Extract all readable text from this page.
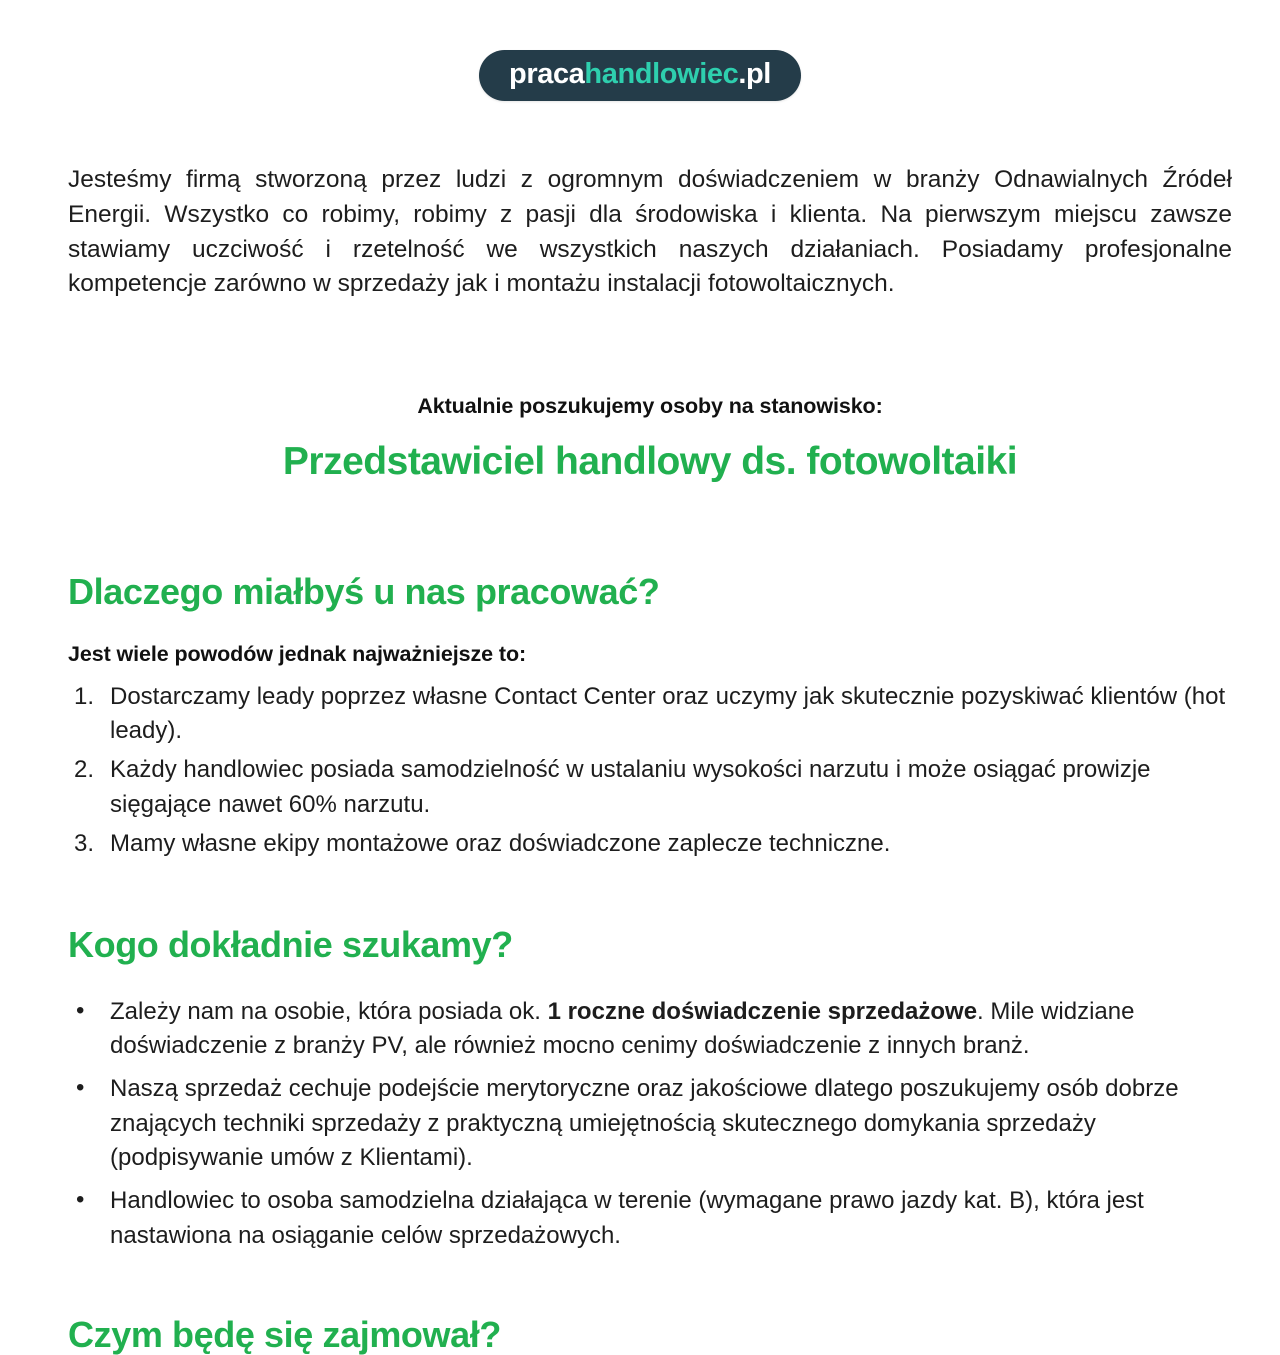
pracahandlowiec.pl

Jesteśmy firmą stworzoną przez ludzi z ogromnym doświadczeniem w branży Odnawialnych Źródeł Energii. Wszystko co robimy, robimy z pasji dla środowiska i klienta. Na pierwszym miejscu zawsze stawiamy uczciwość i rzetelność we wszystkich naszych działaniach. Posiadamy profesjonalne kompetencje zarówno w sprzedaży jak i montażu instalacji fotowoltaicznych.

Aktualnie poszukujemy osoby na stanowisko:
Przedstawiciel handlowy ds. fotowoltaiki
Dlaczego miałbyś u nas pracować?
Jest wiele powodów jednak najważniejsze to:
1. Dostarczamy leady poprzez własne Contact Center oraz uczymy jak skutecznie pozyskiwać klientów (hot leady).
2. Każdy handlowiec posiada samodzielność w ustalaniu wysokości narzutu i może osiągać prowizje sięgające nawet 60% narzutu.
3. Mamy własne ekipy montażowe oraz doświadczone zaplecze techniczne.
Kogo dokładnie szukamy?
• Zależy nam na osobie, która posiada ok. 1 roczne doświadczenie sprzedażowe. Mile widziane doświadczenie z branży PV, ale również mocno cenimy doświadczenie z innych branż.
• Naszą sprzedaż cechuje podejście merytoryczne oraz jakościowe dlatego poszukujemy osób dobrze znających techniki sprzedaży z praktyczną umiejętnością skutecznego domykania sprzedaży (podpisywanie umów z Klientami).
• Handlowiec to osoba samodzielna działająca w terenie (wymagane prawo jazdy kat. B), która jest nastawiona na osiąganie celów sprzedażowych.
Czym będę się zajmował?
